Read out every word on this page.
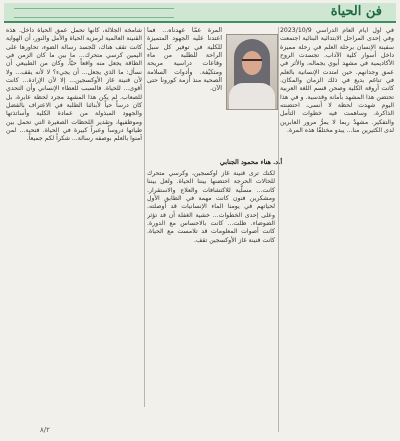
فن الحياة

في أول أيام العام الدراسي 2023/10/9 وفي إحدى المراحل الابتدائية البنائية اجتمعت سفينة الإنسان برحلة العلم في رحلة مميزة داخل أسوار كلية الآداب. تجسدت الروح الأكاديمية في مشهد أبوي بجماله، والأثر في عمق وجدانهم. حين امتدت الإنسانية بالعلم في تناغم بديع في ذلك الزمان والمكان. كانت أروقة الكلية وصحن قسم اللغة العربية تحتضن هذا المشهد بأمانة وقدسية. و في هذا اليوم شهدت لحظة لا أنسى، احتضنته الذاكرة، وساهمت فيه خطوات التأمل والتفكير. مشهدٌ ربما لا يمرُّ مرور العابرين لدى الكثيرين منا... يبدو مختلفًا هذه المرة.

المرة عمّا عهدناه... فما اعتدنا عليه الجهود المتميزة للكلية في توفير كل سبل الراحة للطلبة من ماء وقاعات دراسية مريحة ومتكيّفة. وأدوات السلامة الصحية منذ أزمة كورونا حتى الآن.

أ.د. هناء محمود الجنابي

لكنك ترى قنينة غاز أوكسجين، وكرسي متحرك للحالات الحرجة احتضنها بيننا الحياة. ولعل بيننا كانت... مسلّية للاكتشافات والعلاج والاستقرار. ومشكرين فنون كانت مهمة في الطابق الأول لحياتهم في يومنا الماء الإنسانيات قد أوصلته. وعلى إحدى الخطوات... خشية الغفلة أن قد تؤثر الضوضاء. ظلت... كانت بالاحساس مع الدورة. كانت أصوات المعلومات قد تلامست مع الحياة. كانت قنينة غاز الأوكسجين تقف.

شامخة الجلالة، كأنها تحمل عمق الحياة داخل. هذه القنينة العالمية لرمزية الحياة والأمل والنور، أن الهواية كانت تقف هناك، لتُجسد رسالة الضوء، تحاورها على اليمين كرسي متحرك... ما بين ما كان الزمن في الطاقة يجعل منه واقعاً حيّاً. وكان من الطبيعي أن نسأل: ما الذي يجعل... أن يجيء؟ لا لأنه يقف... ولا لأن قنينة غاز الأوكسجين... إلا لأن الإرادة... كانت أقوى... للحياة. فالسبب للعطاء الإنساني وأن التحدي للصعاب. لم يكن هذا المشهد مجرد لحظة عابرة، بل كان درساً حياً لأبنائنا الطلبة في الاعتراف بالفضل والجهود المبذولة من عمادة الكلية وأساتذتها وموظفيها، وتقدير اللحظات الصغيرة التي تحمل بين طياتها دروساً وعبراً كبيرة في الحياة. فتحية... لمن آمنوا بالعلم بوصفه رسالة... شكراً لكم جميعاً.

٨/٢
